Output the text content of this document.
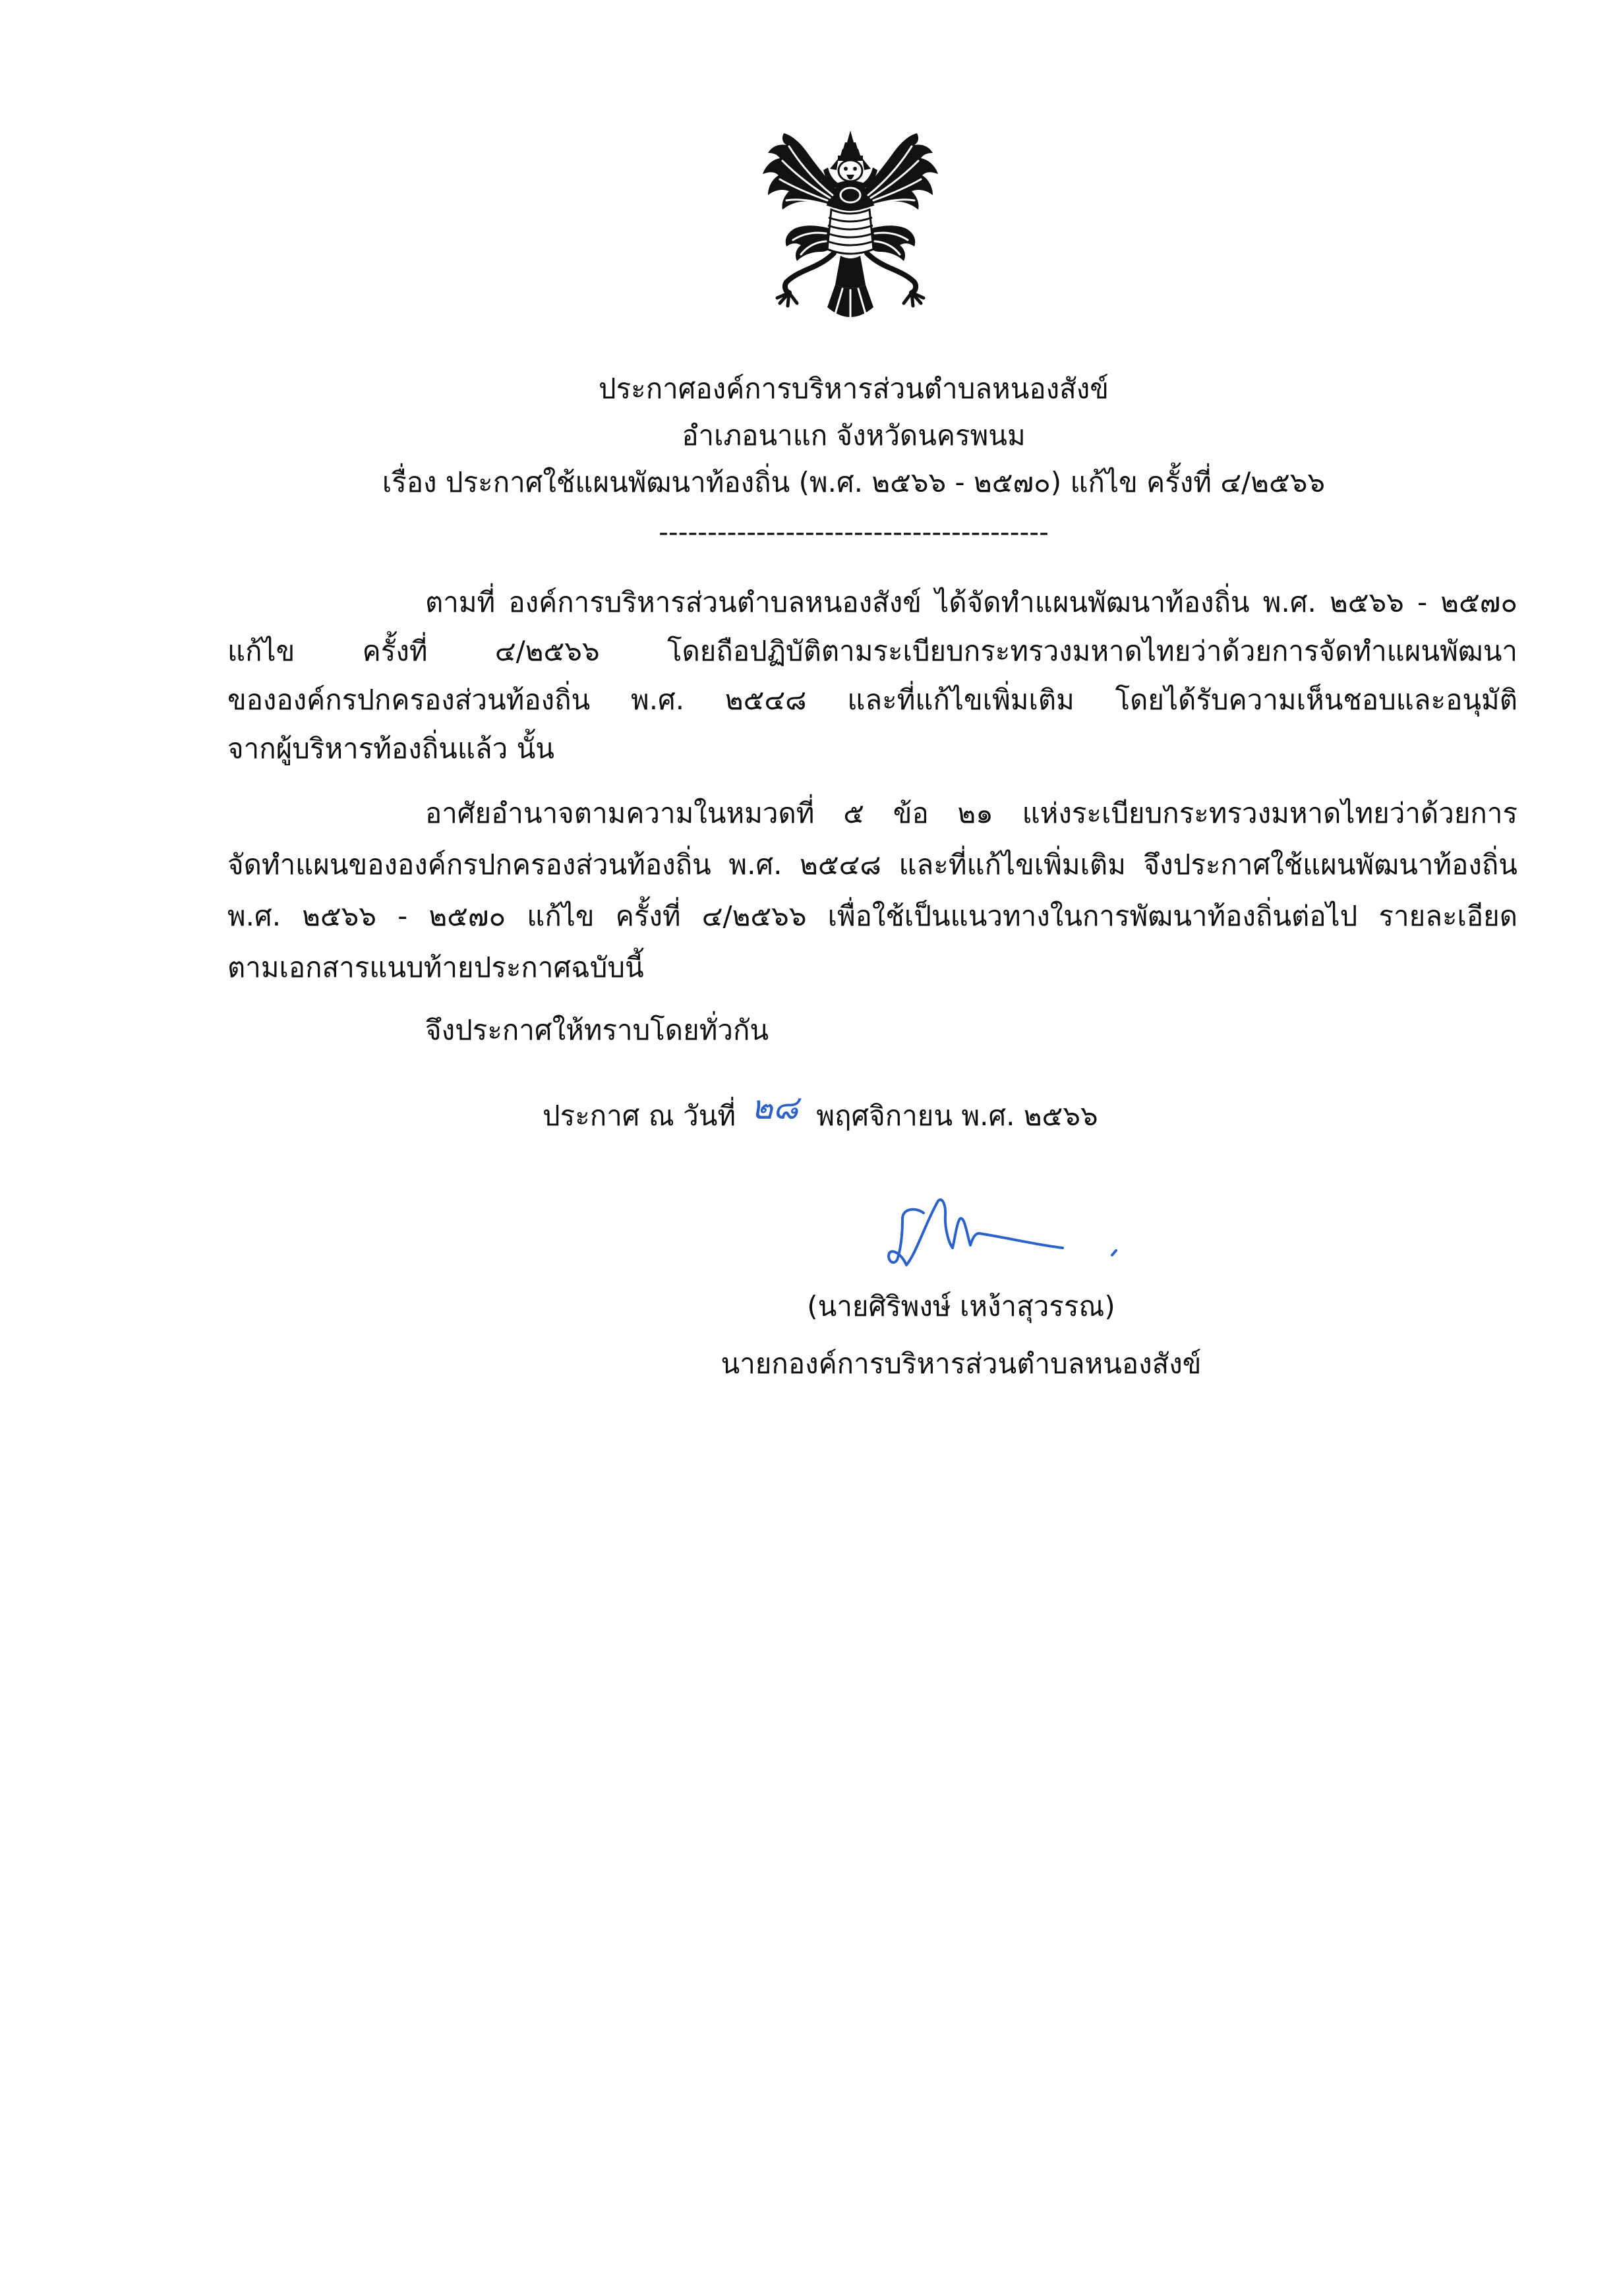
ประกาศองค์การบริหารส่วนตำบลหนองสังข์
อำเภอนาแก จังหวัดนครพนม
เรื่อง ประกาศใช้แผนพัฒนาท้องถิ่น (พ.ศ. ๒๕๖๖ - ๒๕๗๐) แก้ไข ครั้งที่ ๔/๒๕๖๖
----------------------------------------
ตามที่ องค์การบริหารส่วนตำบลหนองสังข์ ได้จัดทำแผนพัฒนาท้องถิ่น พ.ศ. ๒๕๖๖ - ๒๕๗๐
แก้ไข ครั้งที่ ๔/๒๕๖๖ โดยถือปฏิบัติตามระเบียบกระทรวงมหาดไทยว่าด้วยการจัดทำแผนพัฒนา
ขององค์กรปกครองส่วนท้องถิ่น พ.ศ. ๒๕๔๘ และที่แก้ไขเพิ่มเติม โดยได้รับความเห็นชอบและอนุมัติ
จากผู้บริหารท้องถิ่นแล้ว นั้น
อาศัยอำนาจตามความในหมวดที่ ๕ ข้อ ๒๑ แห่งระเบียบกระทรวงมหาดไทยว่าด้วยการ
จัดทำแผนขององค์กรปกครองส่วนท้องถิ่น พ.ศ. ๒๕๔๘ และที่แก้ไขเพิ่มเติม จึงประกาศใช้แผนพัฒนาท้องถิ่น
พ.ศ. ๒๕๖๖ - ๒๕๗๐ แก้ไข ครั้งที่ ๔/๒๕๖๖ เพื่อใช้เป็นแนวทางในการพัฒนาท้องถิ่นต่อไป รายละเอียด
ตามเอกสารแนบท้ายประกาศฉบับนี้
จึงประกาศให้ทราบโดยทั่วกัน
ประกาศ ณ วันที่ ๒๘ พฤศจิกายน พ.ศ. ๒๕๖๖
(นายศิริพงษ์ เหง้าสุวรรณ)
นายกองค์การบริหารส่วนตำบลหนองสังข์
